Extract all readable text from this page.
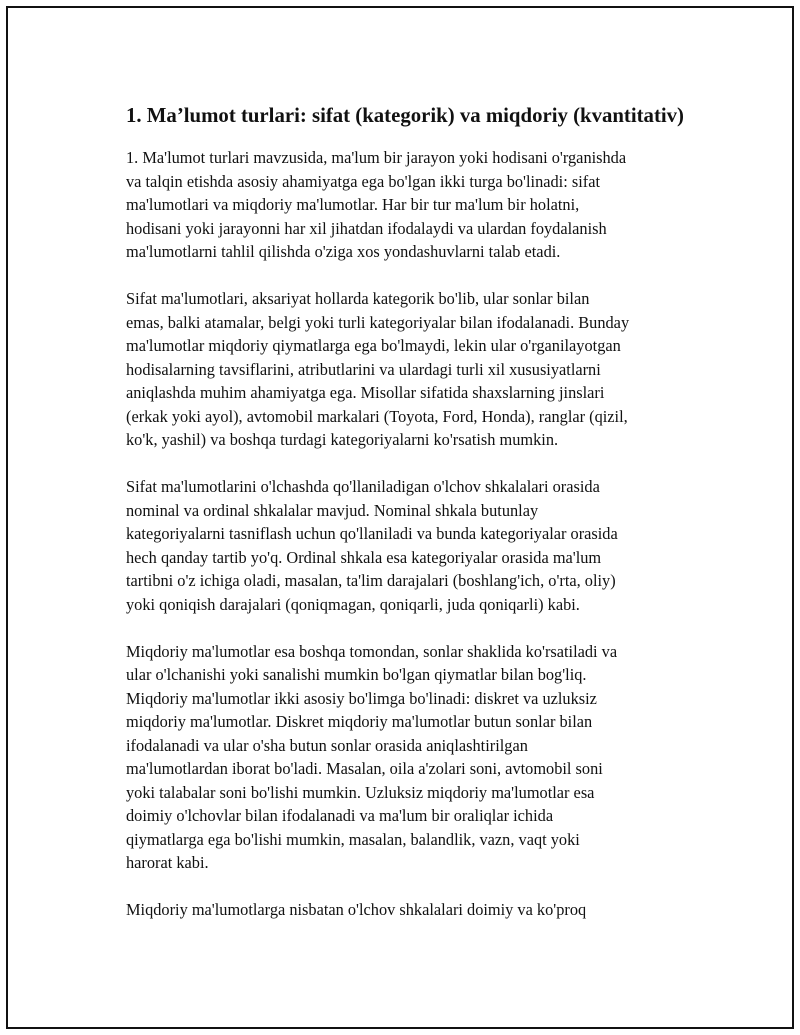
1. Ma’lumot turlari: sifat (kategorik) va miqdoriy (kvantitativ)

1. Ma'lumot turlari mavzusida, ma'lum bir jarayon yoki hodisani o'rganishda
va talqin etishda asosiy ahamiyatga ega bo'lgan ikki turga bo'linadi: sifat
ma'lumotlari va miqdoriy ma'lumotlar. Har bir tur ma'lum bir holatni,
hodisani yoki jarayonni har xil jihatdan ifodalaydi va ulardan foydalanish
ma'lumotlarni tahlil qilishda o'ziga xos yondashuvlarni talab etadi.

Sifat ma'lumotlari, aksariyat hollarda kategorik bo'lib, ular sonlar bilan
emas, balki atamalar, belgi yoki turli kategoriyalar bilan ifodalanadi. Bunday
ma'lumotlar miqdoriy qiymatlarga ega bo'lmaydi, lekin ular o'rganilayotgan
hodisalarning tavsiflarini, atributlarini va ulardagi turli xil xususiyatlarni
aniqlashda muhim ahamiyatga ega. Misollar sifatida shaxslarning jinslari
(erkak yoki ayol), avtomobil markalari (Toyota, Ford, Honda), ranglar (qizil,
ko'k, yashil) va boshqa turdagi kategoriyalarni ko'rsatish mumkin.

Sifat ma'lumotlarini o'lchashda qo'llaniladigan o'lchov shkalalari orasida
nominal va ordinal shkalalar mavjud. Nominal shkala butunlay
kategoriyalarni tasniflash uchun qo'llaniladi va bunda kategoriyalar orasida
hech qanday tartib yo'q. Ordinal shkala esa kategoriyalar orasida ma'lum
tartibni o'z ichiga oladi, masalan, ta'lim darajalari (boshlang'ich, o'rta, oliy)
yoki qoniqish darajalari (qoniqmagan, qoniqarli, juda qoniqarli) kabi.

Miqdoriy ma'lumotlar esa boshqa tomondan, sonlar shaklida ko'rsatiladi va
ular o'lchanishi yoki sanalishi mumkin bo'lgan qiymatlar bilan bog'liq.
Miqdoriy ma'lumotlar ikki asosiy bo'limga bo'linadi: diskret va uzluksiz
miqdoriy ma'lumotlar. Diskret miqdoriy ma'lumotlar butun sonlar bilan
ifodalanadi va ular o'sha butun sonlar orasida aniqlashtirilgan
ma'lumotlardan iborat bo'ladi. Masalan, oila a'zolari soni, avtomobil soni
yoki talabalar soni bo'lishi mumkin. Uzluksiz miqdoriy ma'lumotlar esa
doimiy o'lchovlar bilan ifodalanadi va ma'lum bir oraliqlar ichida
qiymatlarga ega bo'lishi mumkin, masalan, balandlik, vazn, vaqt yoki
harorat kabi.

Miqdoriy ma'lumotlarga nisbatan o'lchov shkalalari doimiy va ko'proq
